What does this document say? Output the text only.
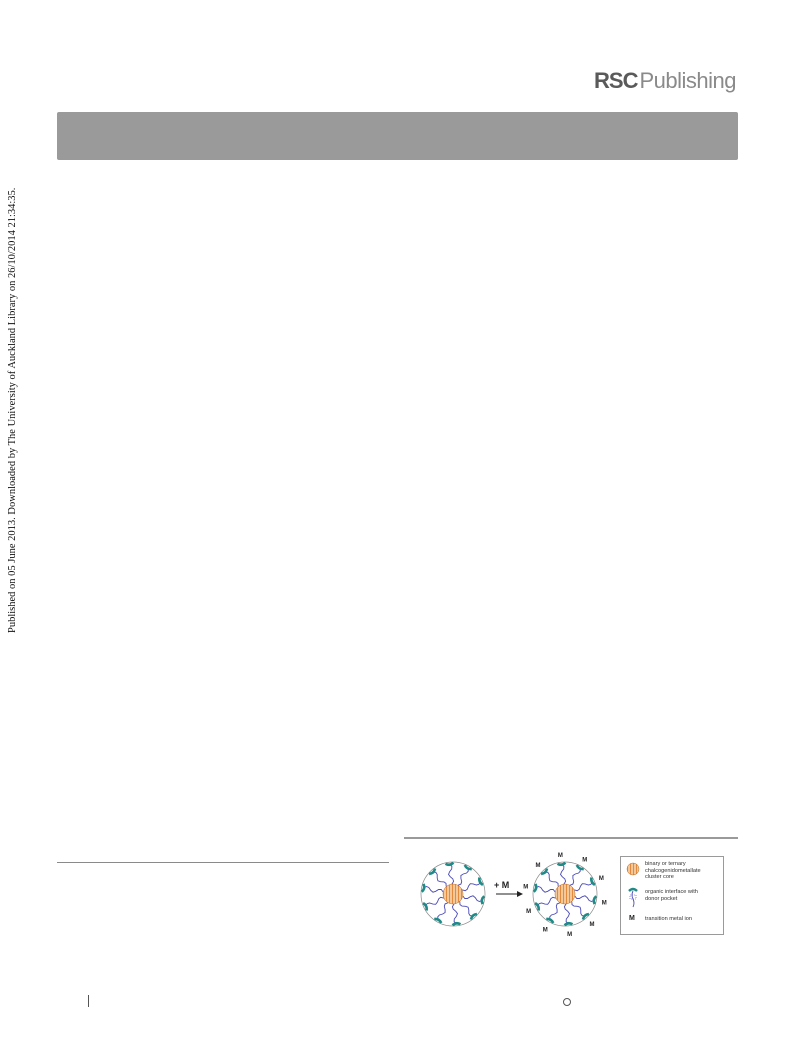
RSCPublishing
Published on 05 June 2013. Downloaded by The University of Auckland Library on 26/10/2014 21:34:35.
+ M
M
M
M
M
M
M
M
M
M
M
binary or ternary
chalcogenidometallate
cluster core
organic interface with
donor pocket
M transition metal ion
